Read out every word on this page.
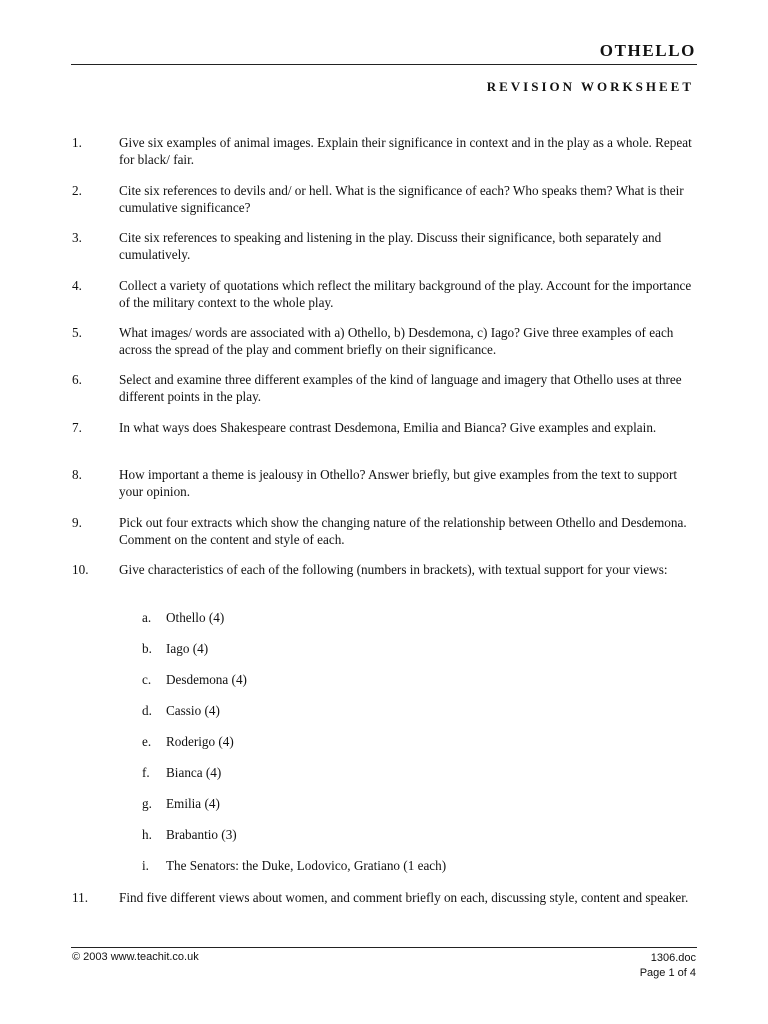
OTHELLO
REVISION WORKSHEET
1.	Give six examples of animal images. Explain their significance in context and in the play as a whole. Repeat for black/ fair.
2.	Cite six references to devils and/ or hell. What is the significance of each? Who speaks them? What is their cumulative significance?
3.	Cite six references to speaking and listening in the play. Discuss their significance, both separately and cumulatively.
4.	Collect a variety of quotations which reflect the military background of the play. Account for the importance of the military context to the whole play.
5.	What images/ words are associated with a) Othello, b) Desdemona, c) Iago? Give three examples of each across the spread of the play and comment briefly on their significance.
6.	Select and examine three different examples of the kind of language and imagery that Othello uses at three different points in the play.
7.	In what ways does Shakespeare contrast Desdemona, Emilia and Bianca? Give examples and explain.
8.	How important a theme is jealousy in Othello? Answer briefly, but give examples from the text to support your opinion.
9.	Pick out four extracts which show the changing nature of the relationship between Othello and Desdemona. Comment on the content and style of each.
10. Give characteristics of each of the following (numbers in brackets), with textual support for your views:
a. Othello (4)
b. Iago (4)
c. Desdemona (4)
d. Cassio (4)
e. Roderigo (4)
f. Bianca (4)
g. Emilia (4)
h. Brabantio (3)
i. The Senators: the Duke, Lodovico, Gratiano (1 each)
11. Find five different views about women, and comment briefly on each, discussing style, content and speaker.
© 2003 www.teachit.co.uk	1306.doc
Page 1 of 4
